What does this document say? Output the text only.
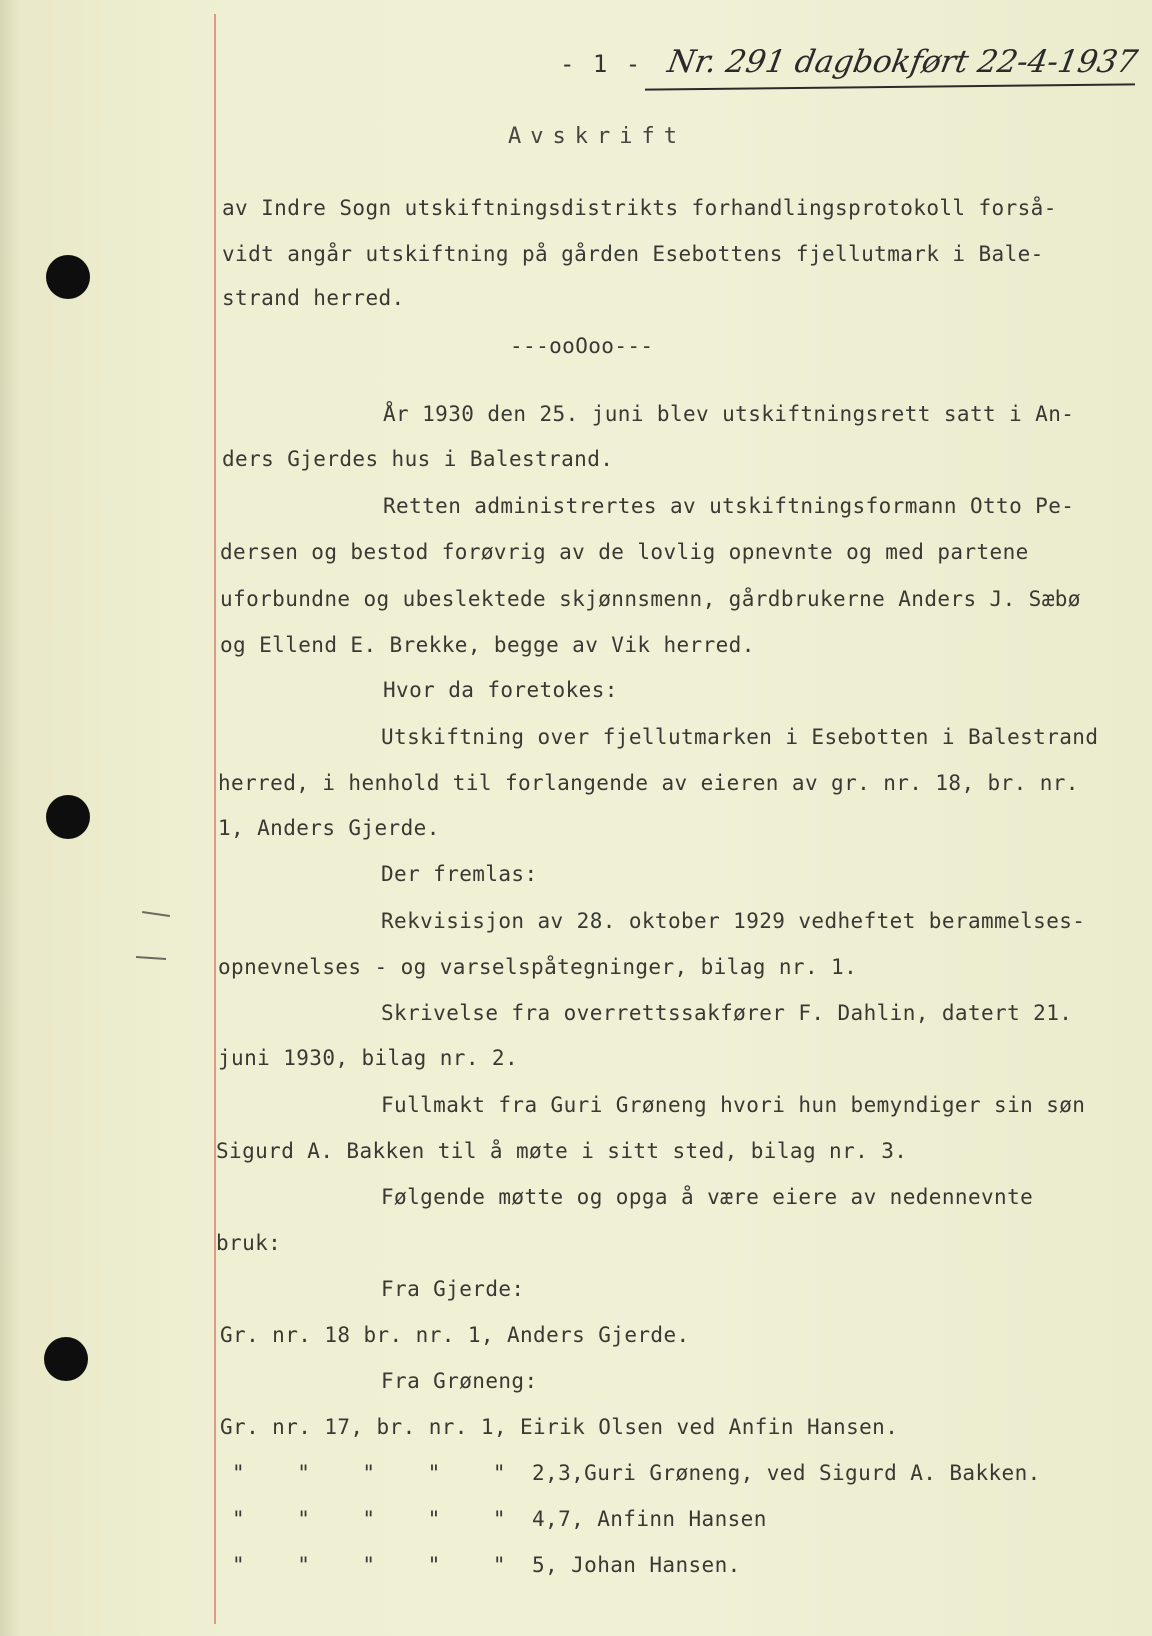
- 1 - Nr. 291 dagbokført 22-4-1937
Avskrift
av Indre Sogn utskiftningsdistrikts forhandlingsprotokoll forså-
vidt angår utskiftning på gården Esebottens fjellutmark i Bale-
strand herred.
---ooOoo---
År 1930 den 25. juni blev utskiftningsrett satt i An-
ders Gjerdes hus i Balestrand.
Retten administrertes av utskiftningsformann Otto Pe-
dersen og bestod forøvrig av de lovlig opnevnte og med partene
uforbundne og ubeslektede skjønnsmenn, gårdbrukerne Anders J. Sæbø
og Ellend E. Brekke, begge av Vik herred.
Hvor da foretokes:
Utskiftning over fjellutmarken i Esebotten i Balestrand
herred, i henhold til forlangende av eieren av gr. nr. 18, br. nr.
1, Anders Gjerde.
Der fremlas:
Rekvisisjon av 28. oktober 1929 vedheftet berammelses-
opnevnelses - og varselspåtegninger, bilag nr. 1.
Skrivelse fra overrettssakfører F. Dahlin, datert 21.
juni 1930, bilag nr. 2.
Fullmakt fra Guri Grøneng hvori hun bemyndiger sin søn
Sigurd A. Bakken til å møte i sitt sted, bilag nr. 3.
Følgende møtte og opga å være eiere av nedennevnte
bruk:
Fra Gjerde:
Gr. nr. 18 br. nr. 1, Anders Gjerde.
Fra Grøneng:
Gr. nr. 17, br. nr. 1, Eirik Olsen ved Anfin Hansen.
"    "    "    "    "  2,3,Guri Grøneng, ved Sigurd A. Bakken.
"    "    "    "    "  4,7, Anfinn Hansen
"    "    "    "    "  5, Johan Hansen.
